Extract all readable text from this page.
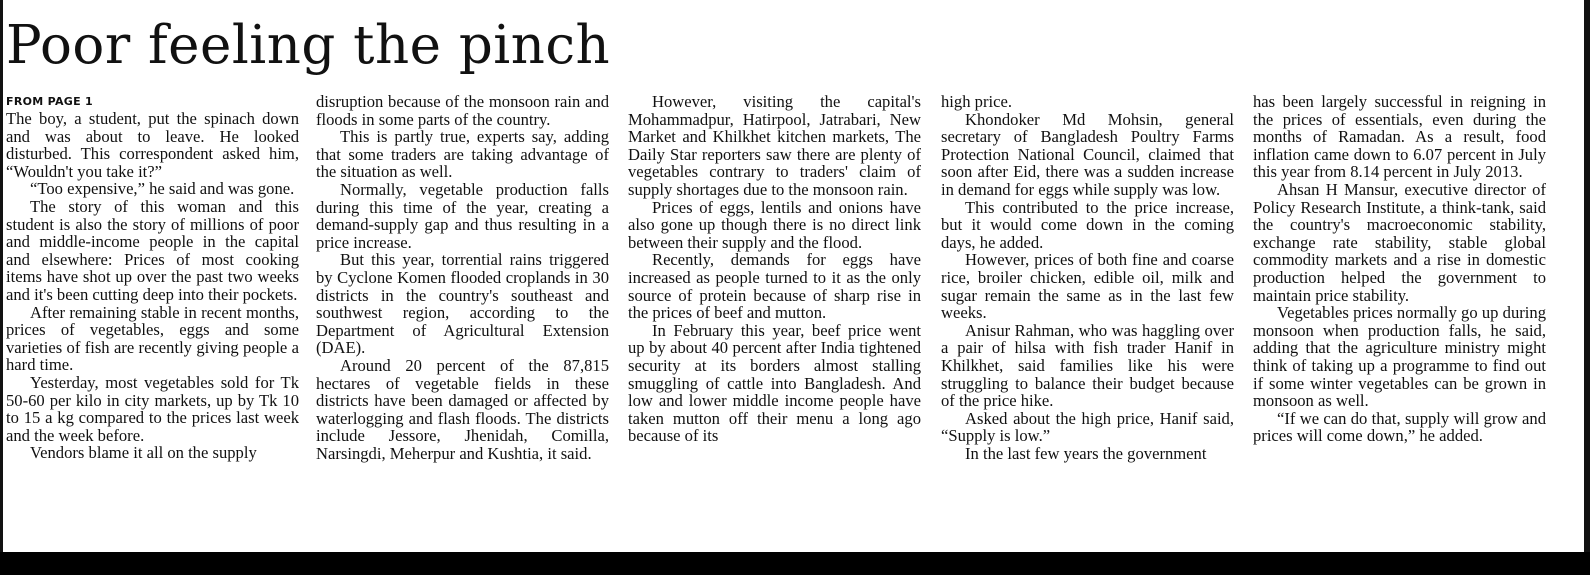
Poor feeling the pinch
FROM PAGE 1

The boy, a student, put the spinach down and was about to leave. He looked disturbed. This correspondent asked him, “Wouldn't you take it?”

“Too expensive,” he said and was gone.

The story of this woman and this student is also the story of millions of poor and middle-income people in the capital and elsewhere: Prices of most cooking items have shot up over the past two weeks and it's been cutting deep into their pockets.

After remaining stable in recent months, prices of vegetables, eggs and some varieties of fish are recently giving people a hard time.

Yesterday, most vegetables sold for Tk 50-60 per kilo in city markets, up by Tk 10 to 15 a kg compared to the prices last week and the week before.

Vendors blame it all on the supply

disruption because of the monsoon rain and floods in some parts of the country.

This is partly true, experts say, adding that some traders are taking advantage of the situation as well.

Normally, vegetable production falls during this time of the year, creating a demand-supply gap and thus resulting in a price increase.

But this year, torrential rains triggered by Cyclone Komen flooded croplands in 30 districts in the country's southeast and southwest region, according to the Department of Agricultural Extension (DAE).

Around 20 percent of the 87,815 hectares of vegetable fields in these districts have been damaged or affected by waterlogging and flash floods. The districts include Jessore, Jhenidah, Comilla, Narsingdi, Meherpur and Kushtia, it said.

However, visiting the capital's Mohammadpur, Hatirpool, Jatrabari, New Market and Khilkhet kitchen markets, The Daily Star reporters saw there are plenty of vegetables contrary to traders' claim of supply shortages due to the monsoon rain.

Prices of eggs, lentils and onions have also gone up though there is no direct link between their supply and the flood.

Recently, demands for eggs have increased as people turned to it as the only source of protein because of sharp rise in the prices of beef and mutton.

In February this year, beef price went up by about 40 percent after India tightened security at its borders almost stalling smuggling of cattle into Bangladesh. And low and lower middle income people have taken mutton off their menu a long ago because of its

high price.

Khondoker Md Mohsin, general secretary of Bangladesh Poultry Farms Protection National Council, claimed that soon after Eid, there was a sudden increase in demand for eggs while supply was low.

This contributed to the price increase, but it would come down in the coming days, he added.

However, prices of both fine and coarse rice, broiler chicken, edible oil, milk and sugar remain the same as in the last few weeks.

Anisur Rahman, who was haggling over a pair of hilsa with fish trader Hanif in Khilkhet, said families like his were struggling to balance their budget because of the price hike.

Asked about the high price, Hanif said, “Supply is low.”

In the last few years the government

has been largely successful in reigning in the prices of essentials, even during the months of Ramadan. As a result, food inflation came down to 6.07 percent in July this year from 8.14 percent in July 2013.

Ahsan H Mansur, executive director of Policy Research Institute, a think-tank, said the country's macroeconomic stability, exchange rate stability, stable global commodity markets and a rise in domestic production helped the government to maintain price stability.

Vegetables prices normally go up during monsoon when production falls, he said, adding that the agriculture ministry might think of taking up a programme to find out if some winter vegetables can be grown in monsoon as well.

“If we can do that, supply will grow and prices will come down,” he added.
